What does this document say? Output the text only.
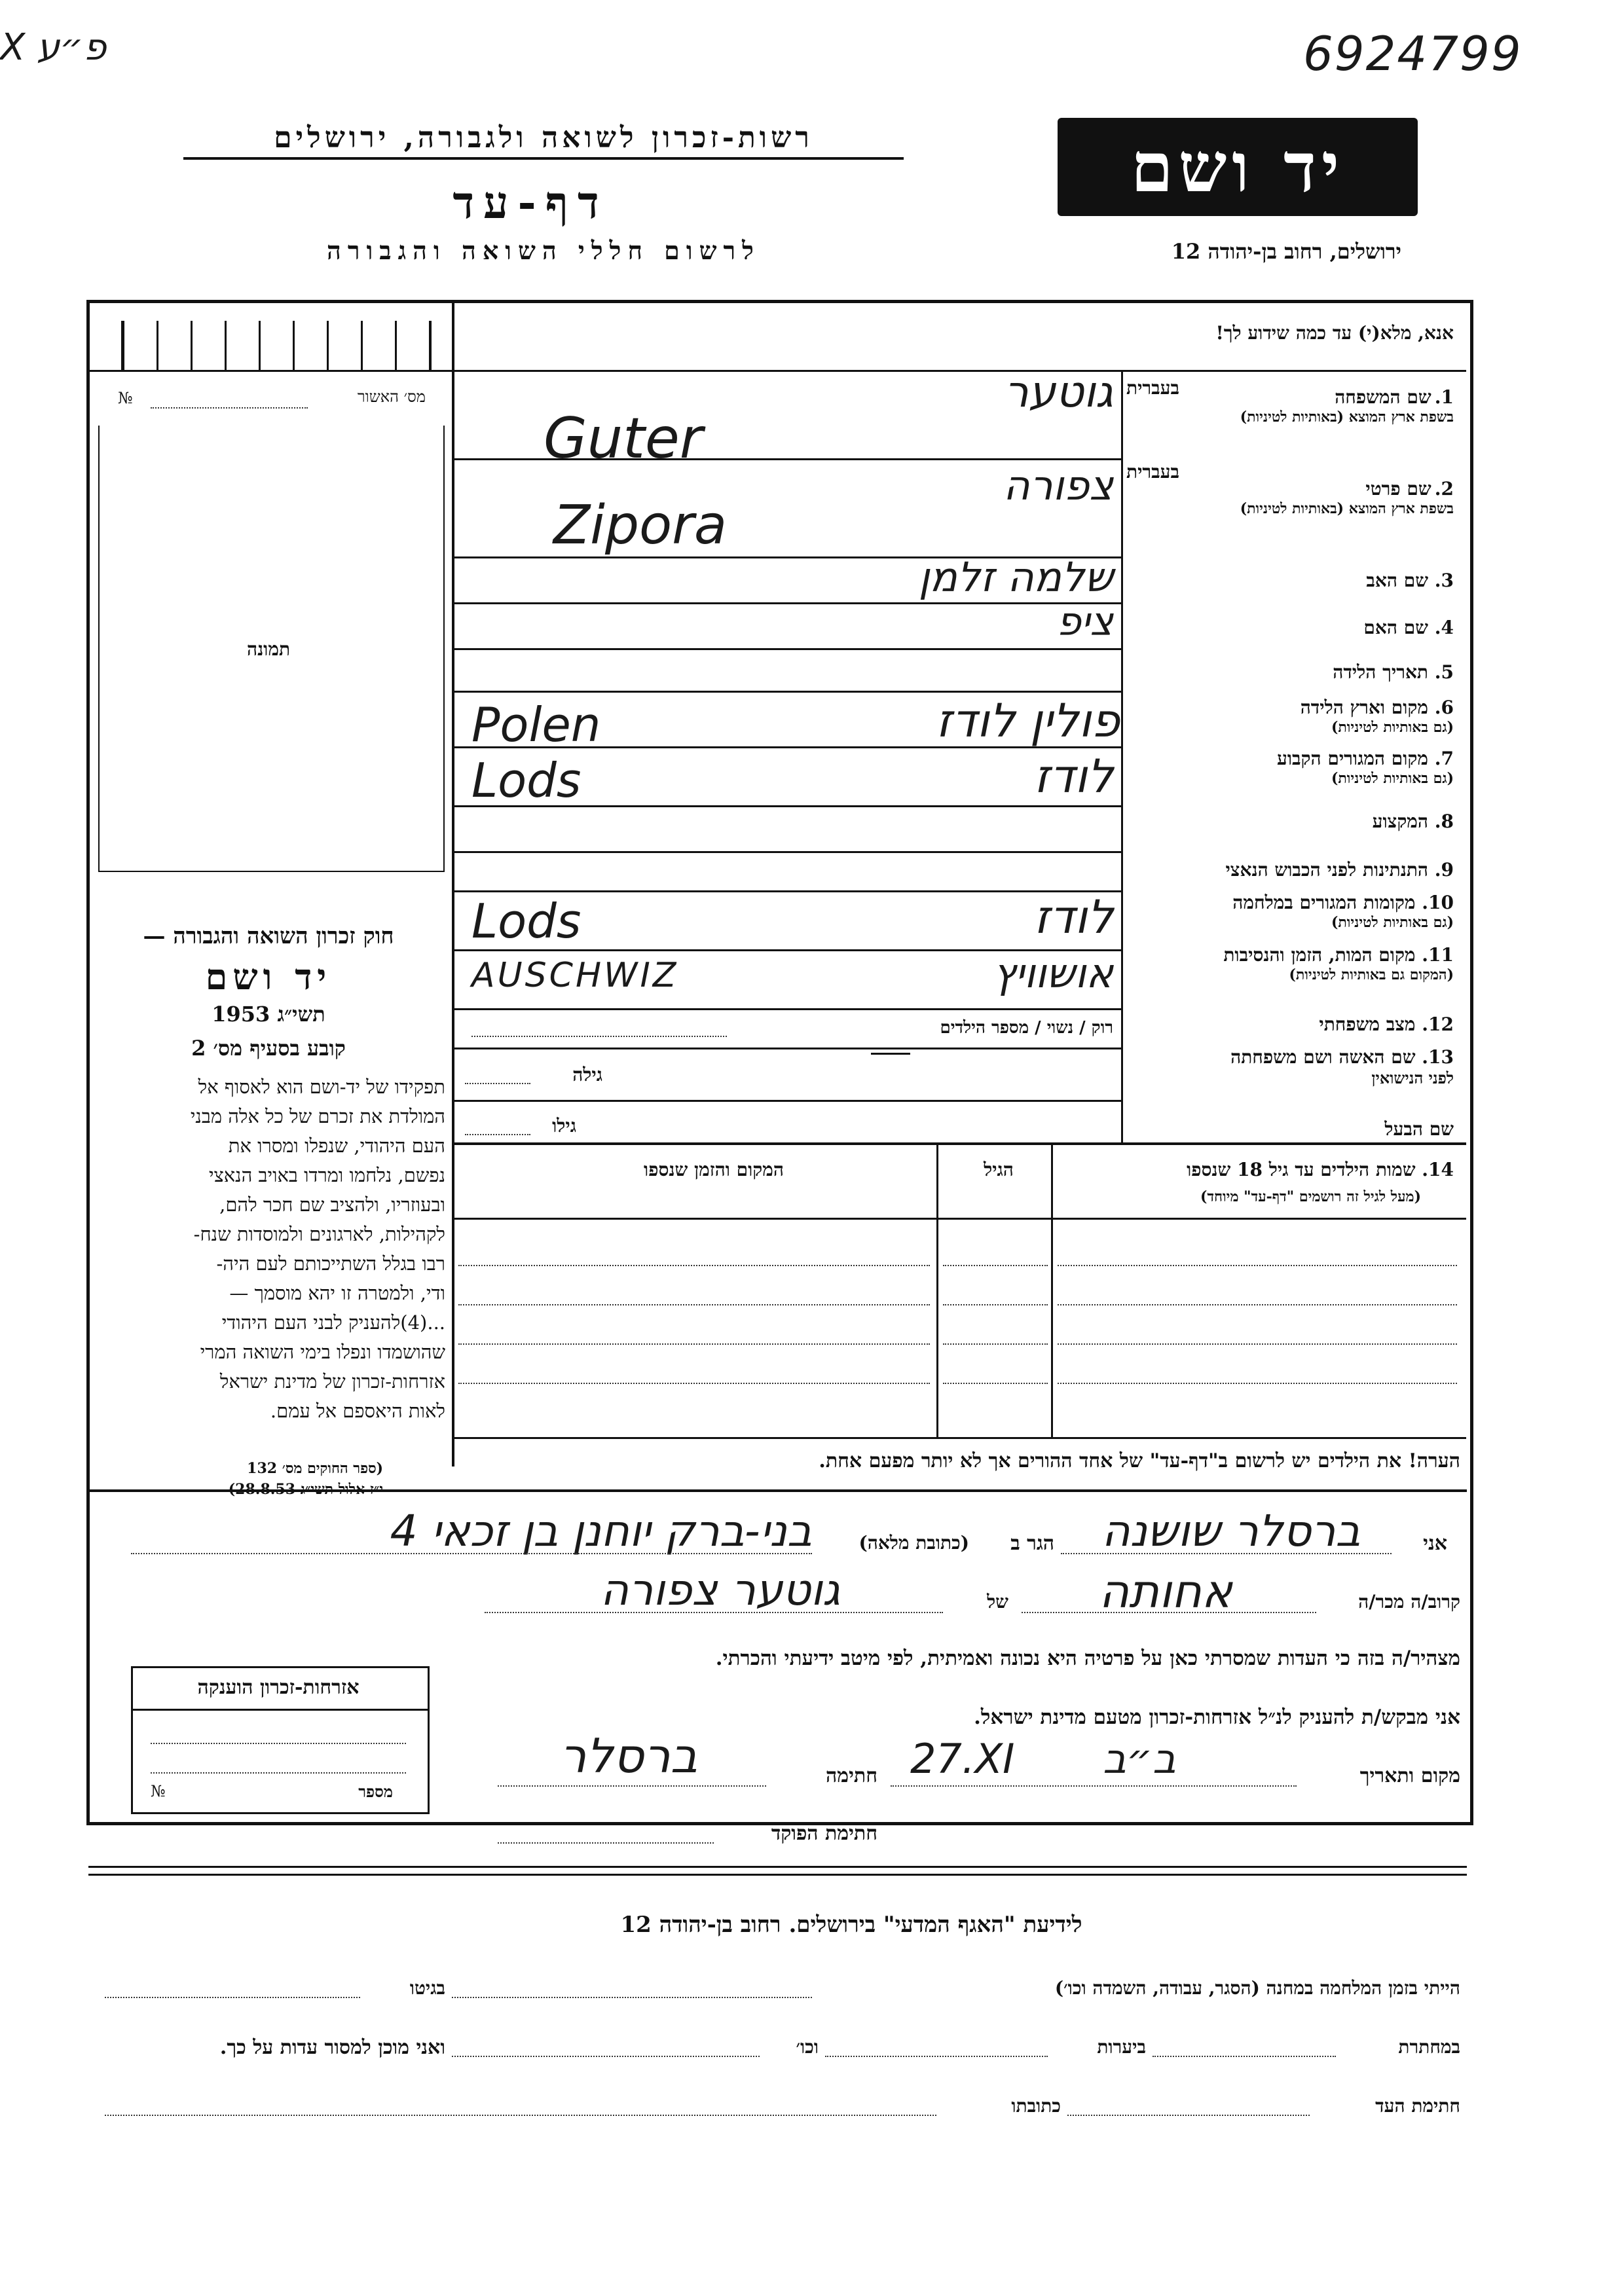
פ״ע Ⅹ	6924799
רשות-זכרון לשואה ולגבורה, ירושלים
דף-עד
לרשום חללי השואה והגבורה
יד ושם
ירושלים, רחוב בן-יהודה 12
מס׳ האשור
№
תמונה
חוק זכרון השואה והגבורה —
יד ושם
תשי״ג 1953
קובע בסעיף מס׳ 2
תפקידו של יד-ושם הוא לאסוף אל
המולדת את זכרם של כל אלה מבני
העם היהודי, שנפלו ומסרו את
נפשם, נלחמו ומרדו באויב הנאצי
ובעוזריו, ולהציב שם חכר להם,
לקהילות, לארגונים ולמוסדות שנח-
רבו בגלל השתייכותם לעם היה-
ודי, ולמטרה זו יהא מוסמך —
...(4)להעניק לבני העם היהודי
שהושמדו ונפלו בימי השואה המרי
אזרחות-זכרון של מדינת ישראל
לאות היאספם אל עמם.
(ספר החוקים מס׳ 132
אנא, מלא(י) עד כמה שידוע לך!
1. שם המשפחה
בעברית
בשפת ארץ המוצא (באותיות לטיניות)
2. שם פרטי
בעברית
בשפת ארץ המוצא (באותיות לטיניות)
3. שם האב
4. שם האם
5. תאריך הלידה
6. מקום וארץ הלידה
(גם באותיות לטיניות)
7. מקום המגורים הקבוע
(גם באותיות לטיניות)
8. המקצוע
9. התנתינות לפני הכבוש הנאצי
10. מקומות המגורים במלחמה
(גם באותיות לטיניות)
11. מקום המות, הזמן והנסיבות
(המקום גם באותיות לטיניות)
12. מצב משפחתי
13. שם האשה ושם משפחתה
לפני הנישואין
שם הבעל
גוטער
Guter
צפורה
Zipora
שלמה זלמן
ציפ
פולין לודז
Polen
לודז
Lods
לודז
Lods
אושוויץ
AUSCHWIZ
רוק / נשוי / מספר הילדים
גילה
גילו
14. שמות הילדים עד גיל 18 שנספו
(מעל לגיל זה רושמים "דף-עד" מיוחד)
הגיל
המקום והזמן שנספו
הערה! את הילדים יש לרשום ב"דף-עד" של אחד ההורים אך לא יותר מפעם אחת.
אני
ברסלר שושנה
הגר ב
(כתובת מלאה)
בני-ברק יוחנן בן זכאי 4
קרוב/ה מכר/ה
אחותה
של
גוטער צפורה
מצהיר/ה בזה כי העדות שמסרתי כאן על פרטיה היא נכונה ואמיתית, לפי מיטב ידיעתי והכרתי.
אני מבקש/ת להעניק לנ״ל אזרחות-זכרון מטעם מדינת ישראל.
מקום ותאריך
ב״ב
27.XI
חתימה
ברסלר
חתימת הפוקד
אזרחות-זכרון הוענקה
מספר
№
לידיעת "האגף המדעי" בירושלים. רחוב בן-יהודה 12
הייתי בזמן המלחמה במחנה (הסגר, עבודה, השמדה וכו׳)
בגיטו
במחתרת
ביערות
וכו׳
ואני מוכן למסור עדות על כך.
חתימת העד
כתובתו
